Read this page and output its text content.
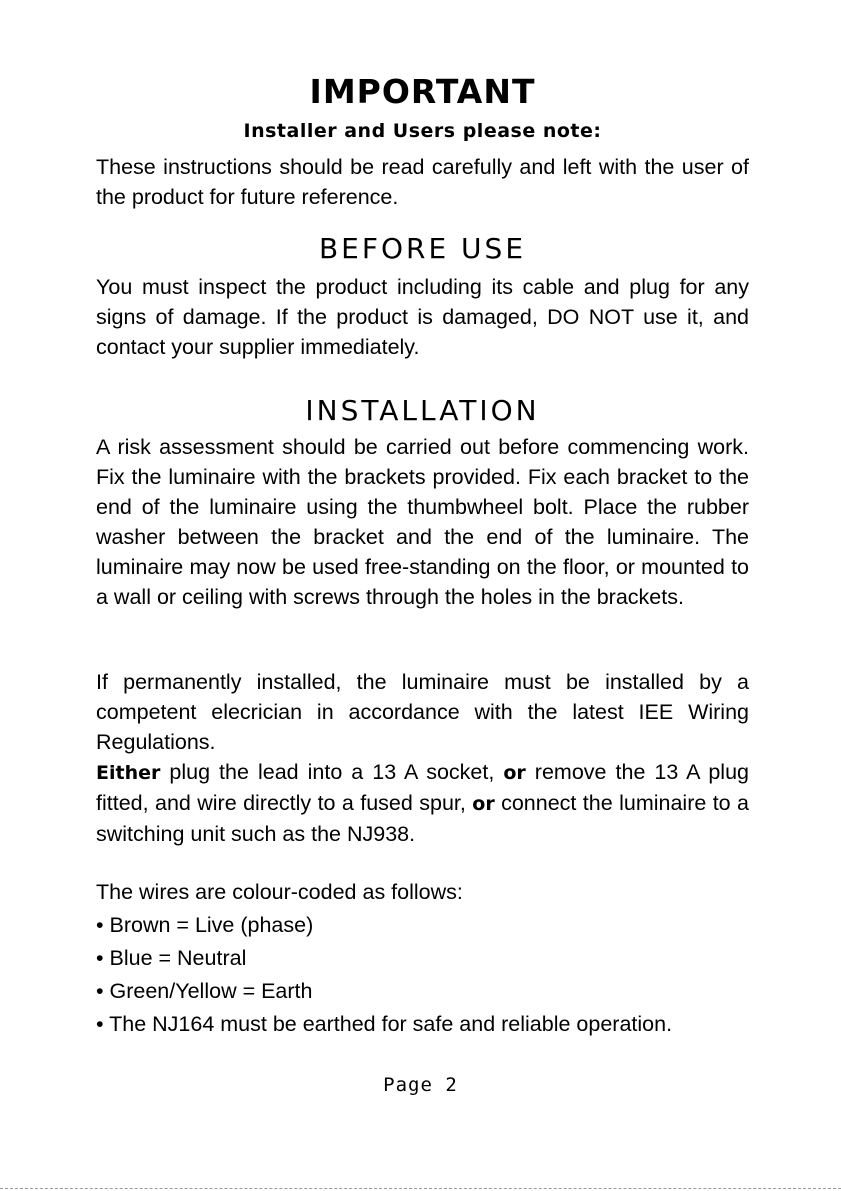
IMPORTANT
Installer and Users please note:
These instructions should be read carefully and left with the user of the product for future reference.
BEFORE USE
You must inspect the product including its cable and plug for any signs of damage. If the product is damaged, DO NOT use it, and contact your supplier immediately.
INSTALLATION
A risk assessment should be carried out before commencing work. Fix the luminaire with the brackets provided. Fix each bracket to the end of the luminaire using the thumbwheel bolt. Place the rubber washer between the bracket and the end of the luminaire. The luminaire may now be used free-standing on the floor, or mounted to a wall or ceiling with screws through the holes in the brackets.
If permanently installed, the luminaire must be installed by a competent elecrician in accordance with the latest IEE Wiring Regulations.
Either plug the lead into a 13 A socket, or remove the 13 A plug fitted, and wire directly to a fused spur, or connect the luminaire to a switching unit such as the NJ938.
The wires are colour-coded as follows:
• Brown = Live (phase)
• Blue = Neutral
• Green/Yellow = Earth
• The NJ164 must be earthed for safe and reliable operation.
Page 2
